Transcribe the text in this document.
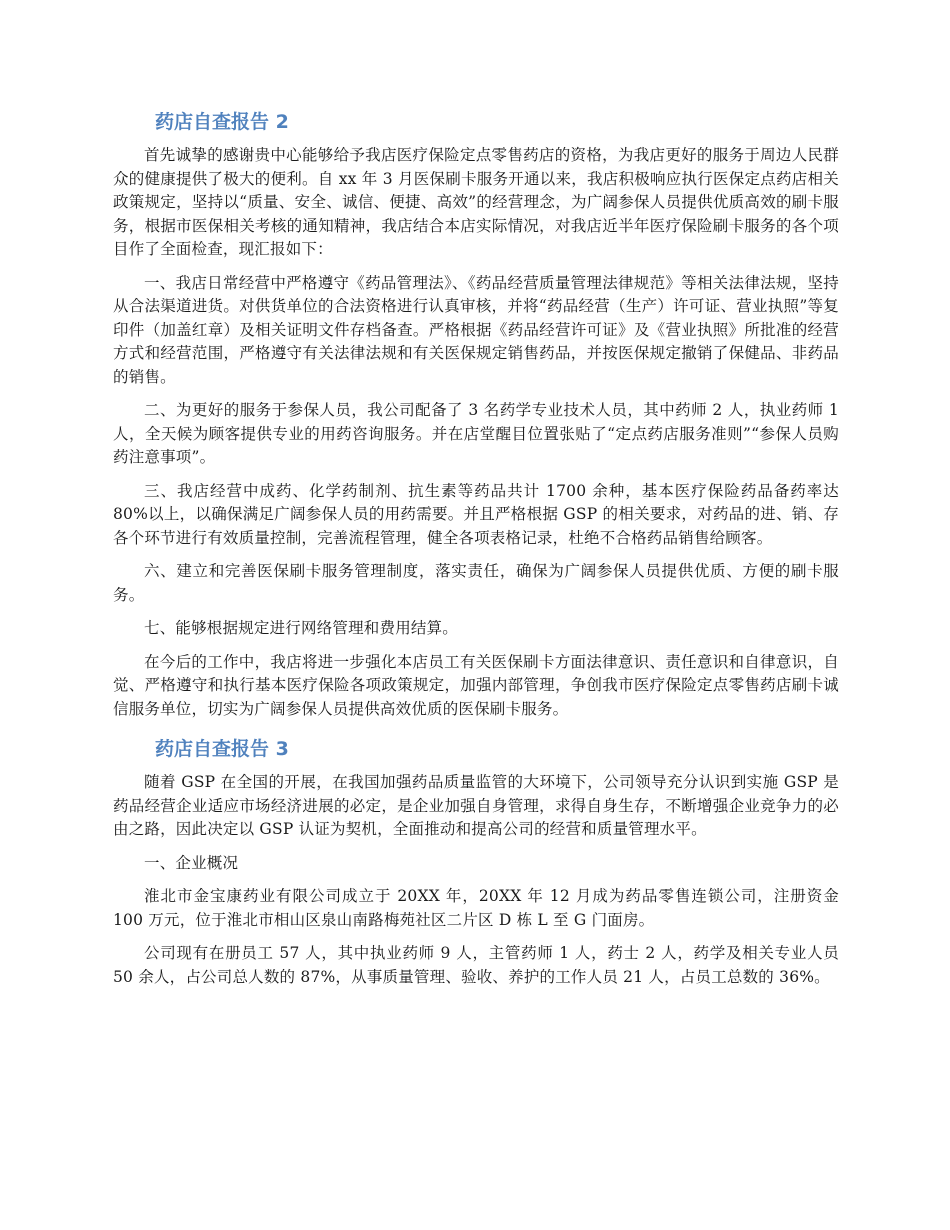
药店自查报告 2

首先诚挚的感谢贵中心能够给予我店医疗保险定点零售药店的资格，为我店更好的服务于周边人民群众的健康提供了极大的便利。自 xx 年 3 月医保刷卡服务开通以来，我店积极响应执行医保定点药店相关政策规定，坚持以“质量、安全、诚信、便捷、高效”的经营理念，为广阔参保人员提供优质高效的刷卡服务，根据市医保相关考核的通知精神，我店结合本店实际情况，对我店近半年医疗保险刷卡服务的各个项目作了全面检查，现汇报如下：

一、我店日常经营中严格遵守《药品管理法》、《药品经营质量管理法律规范》等相关法律法规，坚持从合法渠道进货。对供货单位的合法资格进行认真审核，并将“药品经营（生产）许可证、营业执照”等复印件（加盖红章）及相关证明文件存档备查。严格根据《药品经营许可证》及《营业执照》所批准的经营方式和经营范围，严格遵守有关法律法规和有关医保规定销售药品，并按医保规定撤销了保健品、非药品的销售。

二、为更好的服务于参保人员，我公司配备了 3 名药学专业技术人员，其中药师 2 人，执业药师 1 人，全天候为顾客提供专业的用药咨询服务。并在店堂醒目位置张贴了“定点药店服务准则”“参保人员购药注意事项”。

三、我店经营中成药、化学药制剂、抗生素等药品共计 1700 余种，基本医疗保险药品备药率达 80%以上，以确保满足广阔参保人员的用药需要。并且严格根据 GSP 的相关要求，对药品的进、销、存各个环节进行有效质量控制，完善流程管理，健全各项表格记录，杜绝不合格药品销售给顾客。

六、建立和完善医保刷卡服务管理制度，落实责任，确保为广阔参保人员提供优质、方便的刷卡服务。

七、能够根据规定进行网络管理和费用结算。

在今后的工作中，我店将进一步强化本店员工有关医保刷卡方面法律意识、责任意识和自律意识，自觉、严格遵守和执行基本医疗保险各项政策规定，加强内部管理，争创我市医疗保险定点零售药店刷卡诚信服务单位，切实为广阔参保人员提供高效优质的医保刷卡服务。

药店自查报告 3

随着 GSP 在全国的开展，在我国加强药品质量监管的大环境下，公司领导充分认识到实施 GSP 是药品经营企业适应市场经济进展的必定，是企业加强自身管理，求得自身生存，不断增强企业竞争力的必由之路，因此决定以 GSP 认证为契机，全面推动和提高公司的经营和质量管理水平。

一、企业概况

淮北市金宝康药业有限公司成立于 20XX 年，20XX 年 12 月成为药品零售连锁公司，注册资金 100 万元，位于淮北市相山区泉山南路梅苑社区二片区 D 栋 L 至 G 门面房。

公司现有在册员工 57 人，其中执业药师 9 人，主管药师 1 人，药士 2 人，药学及相关专业人员 50 余人，占公司总人数的 87%，从事质量管理、验收、养护的工作人员 21 人，占员工总数的 36%。
